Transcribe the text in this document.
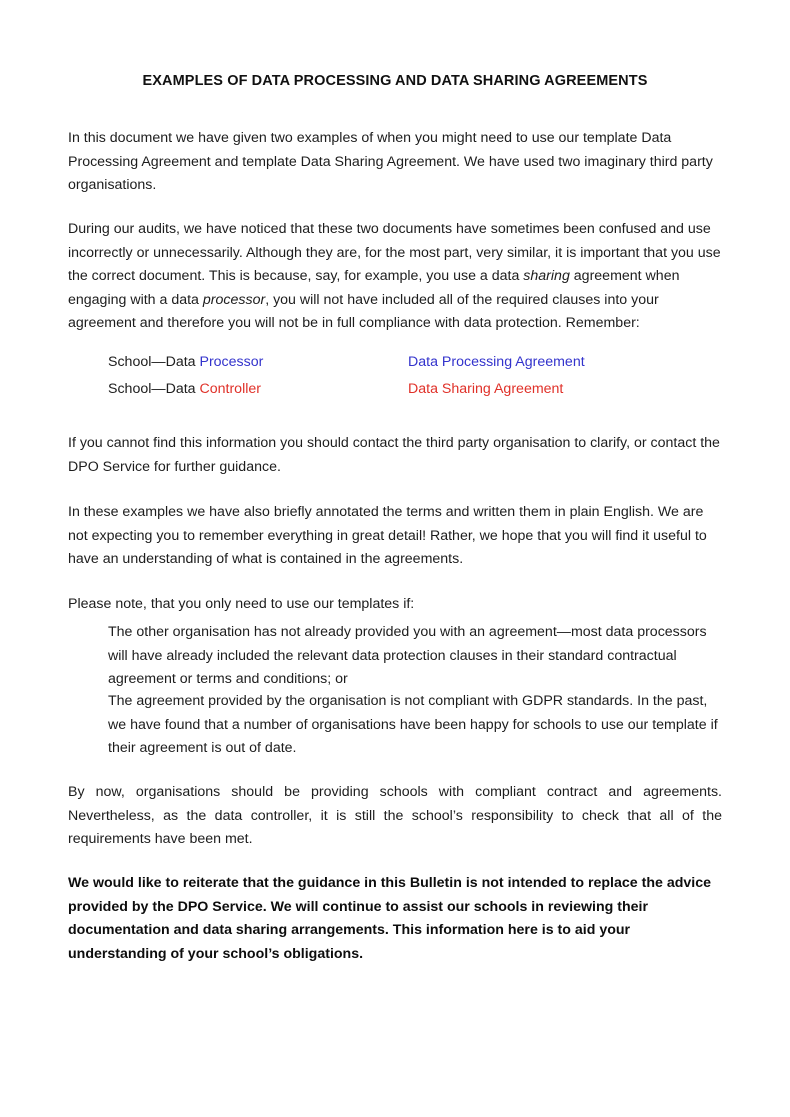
EXAMPLES OF DATA PROCESSING AND DATA SHARING AGREEMENTS
In this document we have given two examples of when you might need to use our template Data Processing Agreement and template Data Sharing Agreement. We have used two imaginary third party organisations.
During our audits, we have noticed that these two documents have sometimes been confused and use incorrectly or unnecessarily. Although they are, for the most part, very similar, it is important that you use the correct document. This is because, say, for example, you use a data sharing agreement when engaging with a data processor, you will not have included all of the required clauses into your agreement and therefore you will not be in full compliance with data protection. Remember:
School—Data Processor	Data Processing Agreement
School—Data Controller	Data Sharing Agreement
If you cannot find this information you should contact the third party organisation to clarify, or contact the DPO Service for further guidance.
In these examples we have also briefly annotated the terms and written them in plain English. We are not expecting you to remember everything in great detail! Rather, we hope that you will find it useful to have an understanding of what is contained in the agreements.
Please note, that you only need to use our templates if:
The other organisation has not already provided you with an agreement—most data processors will have already included the relevant data protection clauses in their standard contractual agreement or terms and conditions; or
The agreement provided by the organisation is not compliant with GDPR standards. In the past, we have found that a number of organisations have been happy for schools to use our template if their agreement is out of date.
By now, organisations should be providing schools with compliant contract and agreements. Nevertheless, as the data controller, it is still the school’s responsibility to check that all of the requirements have been met.
We would like to reiterate that the guidance in this Bulletin is not intended to replace the advice provided by the DPO Service. We will continue to assist our schools in reviewing their documentation and data sharing arrangements. This information here is to aid your understanding of your school’s obligations.
